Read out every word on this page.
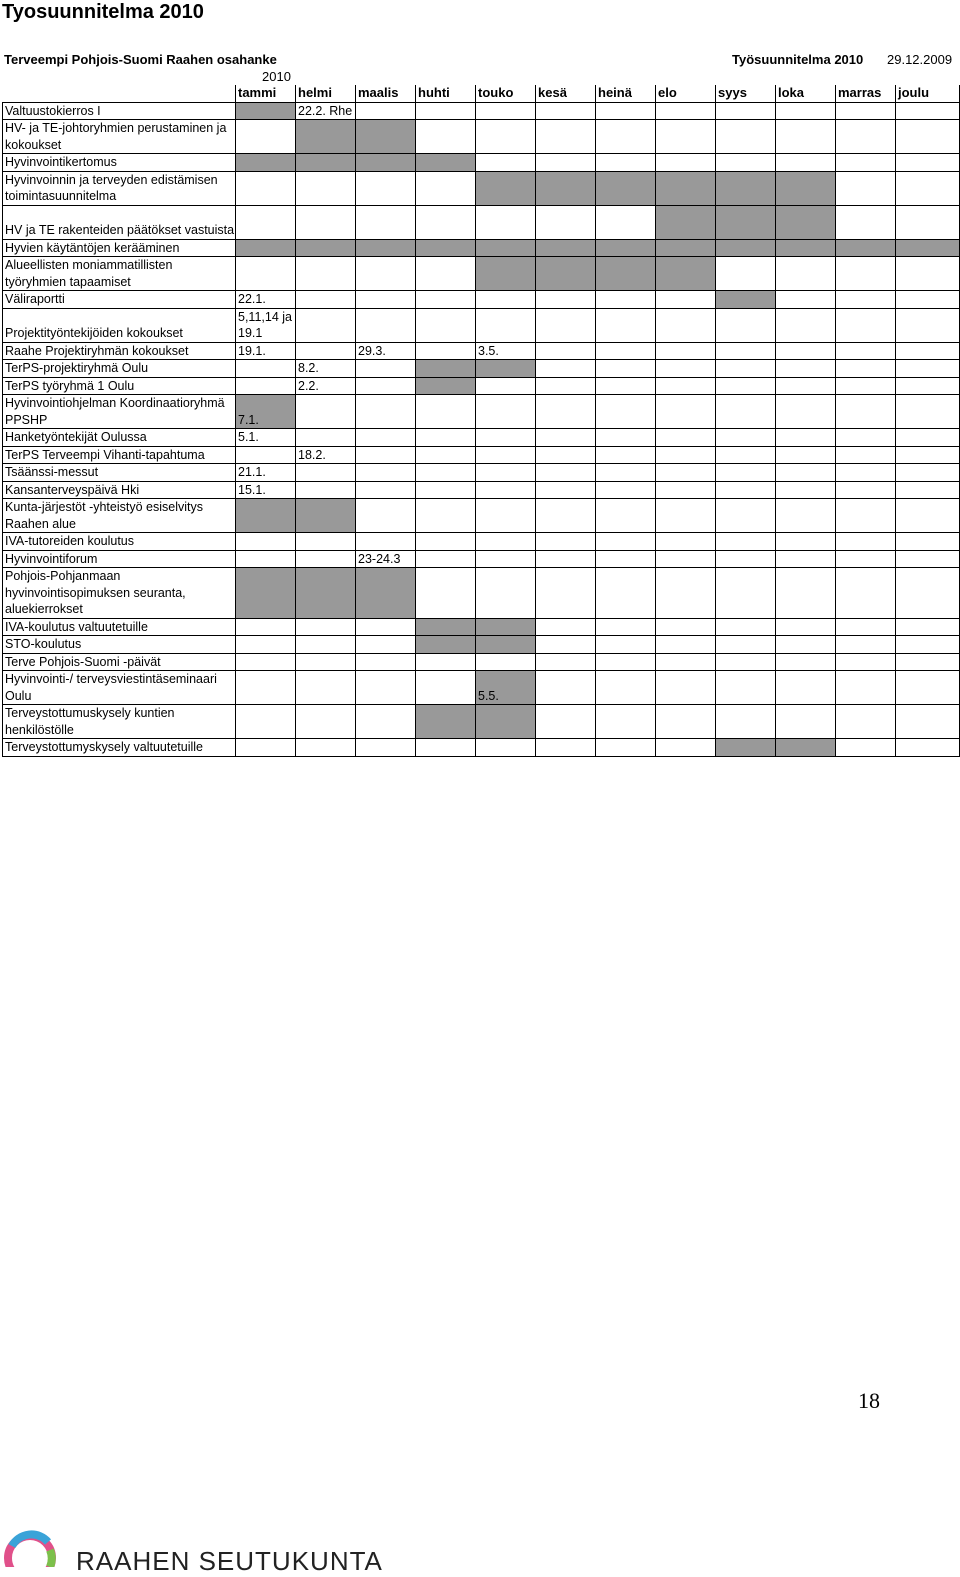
Tyosuunnitelma 2010
Terveempi Pohjois-Suomi Raahen osahanke	Työsuunnitelma 2010 29.12.2009
2010
	tammi	helmi	maalis	huhti	touko	kesä	heinä	elo	syys	loka	marras	joulu
Valtuustokierros I		22.2. Rhe										
HV- ja TE-johtoryhmien perustaminen ja kokoukset												
Hyvinvointikertomus												
Hyvinvoinnin ja terveyden edistämisen toimintasuunnitelma												
HV ja TE rakenteiden päätökset vastuista												
Hyvien käytäntöjen kerääminen												
Alueellisten moniammatillisten työryhmien tapaamiset												
Väliraportti	22.1.											
Projektityöntekijöiden kokoukset	5,11,14 ja 19.1											
Raahe Projektiryhmän kokoukset	19.1.		29.3.		3.5.							
TerPS-projektiryhmä Oulu		8.2.										
TerPS työryhmä 1 Oulu		2.2.										
Hyvinvointiohjelman Koordinaatioryhmä PPSHP	7.1.											
Hanketyöntekijät Oulussa	5.1.											
TerPS Terveempi Vihanti-tapahtuma		18.2.										
Tsäänssi-messut	21.1.											
Kansanterveyspäivä Hki	15.1.											
Kunta-järjestöt -yhteistyö esiselvitys Raahen alue												
IVA-tutoreiden koulutus												
Hyvinvointiforum			23-24.3									
Pohjois-Pohjanmaan hyvinvointisopimuksen seuranta, aluekierrokset												
IVA-koulutus valtuutetuille												
STO-koulutus												
Terve Pohjois-Suomi -päivät												
Hyvinvointi-/ terveysviestintäseminaari Oulu					5.5.							
Terveystottumuskysely kuntien henkilöstölle												
Terveystottumyskysely valtuutetuille												
18
RAAHEN SEUTUKUNTA
